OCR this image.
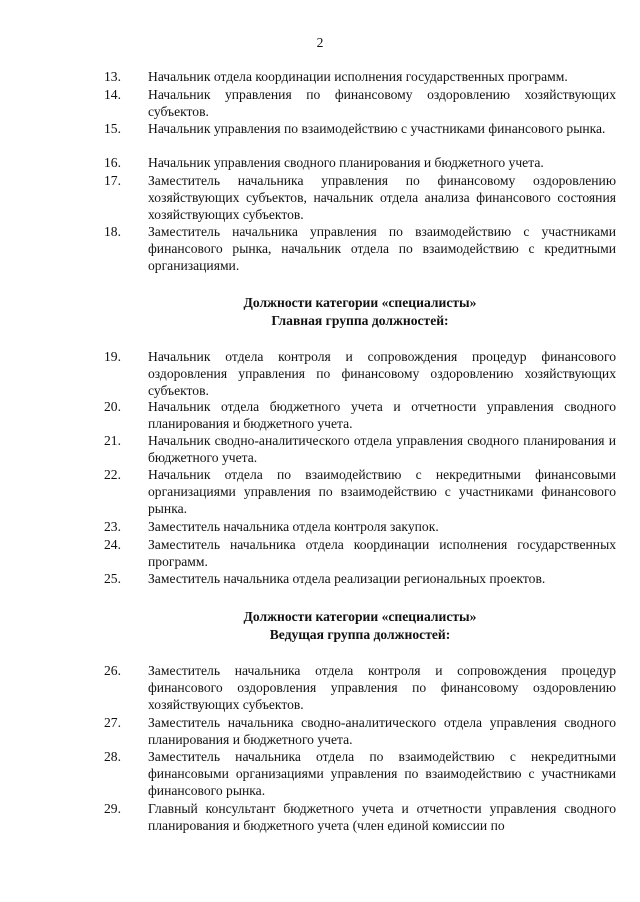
2
13.	Начальник отдела координации исполнения государственных программ.
14.	Начальник управления по финансовому оздоровлению хозяйствующих субъектов.
15.	Начальник управления по взаимодействию с участниками финансового рынка.
16.	Начальник управления сводного планирования и бюджетного учета.
17.	Заместитель начальника управления по финансовому оздоровлению хозяйствующих субъектов, начальник отдела анализа финансового состояния хозяйствующих субъектов.
18.	Заместитель начальника управления по взаимодействию с участниками финансового рынка, начальник отдела по взаимодействию с кредитными организациями.
Должности категории «специалисты»
Главная группа должностей:
19.	Начальник отдела контроля и сопровождения процедур финансового оздоровления управления по финансовому оздоровлению хозяйствующих субъектов.
20.	Начальник отдела бюджетного учета и отчетности управления сводного планирования и бюджетного учета.
21.	Начальник сводно-аналитического отдела управления сводного планирования и бюджетного учета.
22.	Начальник отдела по взаимодействию с некредитными финансовыми организациями управления по взаимодействию с участниками финансового рынка.
23.	Заместитель начальника отдела контроля закупок.
24.	Заместитель начальника отдела координации исполнения государственных программ.
25.	Заместитель начальника отдела реализации региональных проектов.
Должности категории «специалисты»
Ведущая группа должностей:
26.	Заместитель начальника отдела контроля и сопровождения процедур финансового оздоровления управления по финансовому оздоровлению хозяйствующих субъектов.
27.	Заместитель начальника сводно-аналитического отдела управления сводного планирования и бюджетного учета.
28.	Заместитель начальника отдела по взаимодействию с некредитными финансовыми организациями управления по взаимодействию с участниками финансового рынка.
29.	Главный консультант бюджетного учета и отчетности управления сводного планирования и бюджетного учета (член единой комиссии по
